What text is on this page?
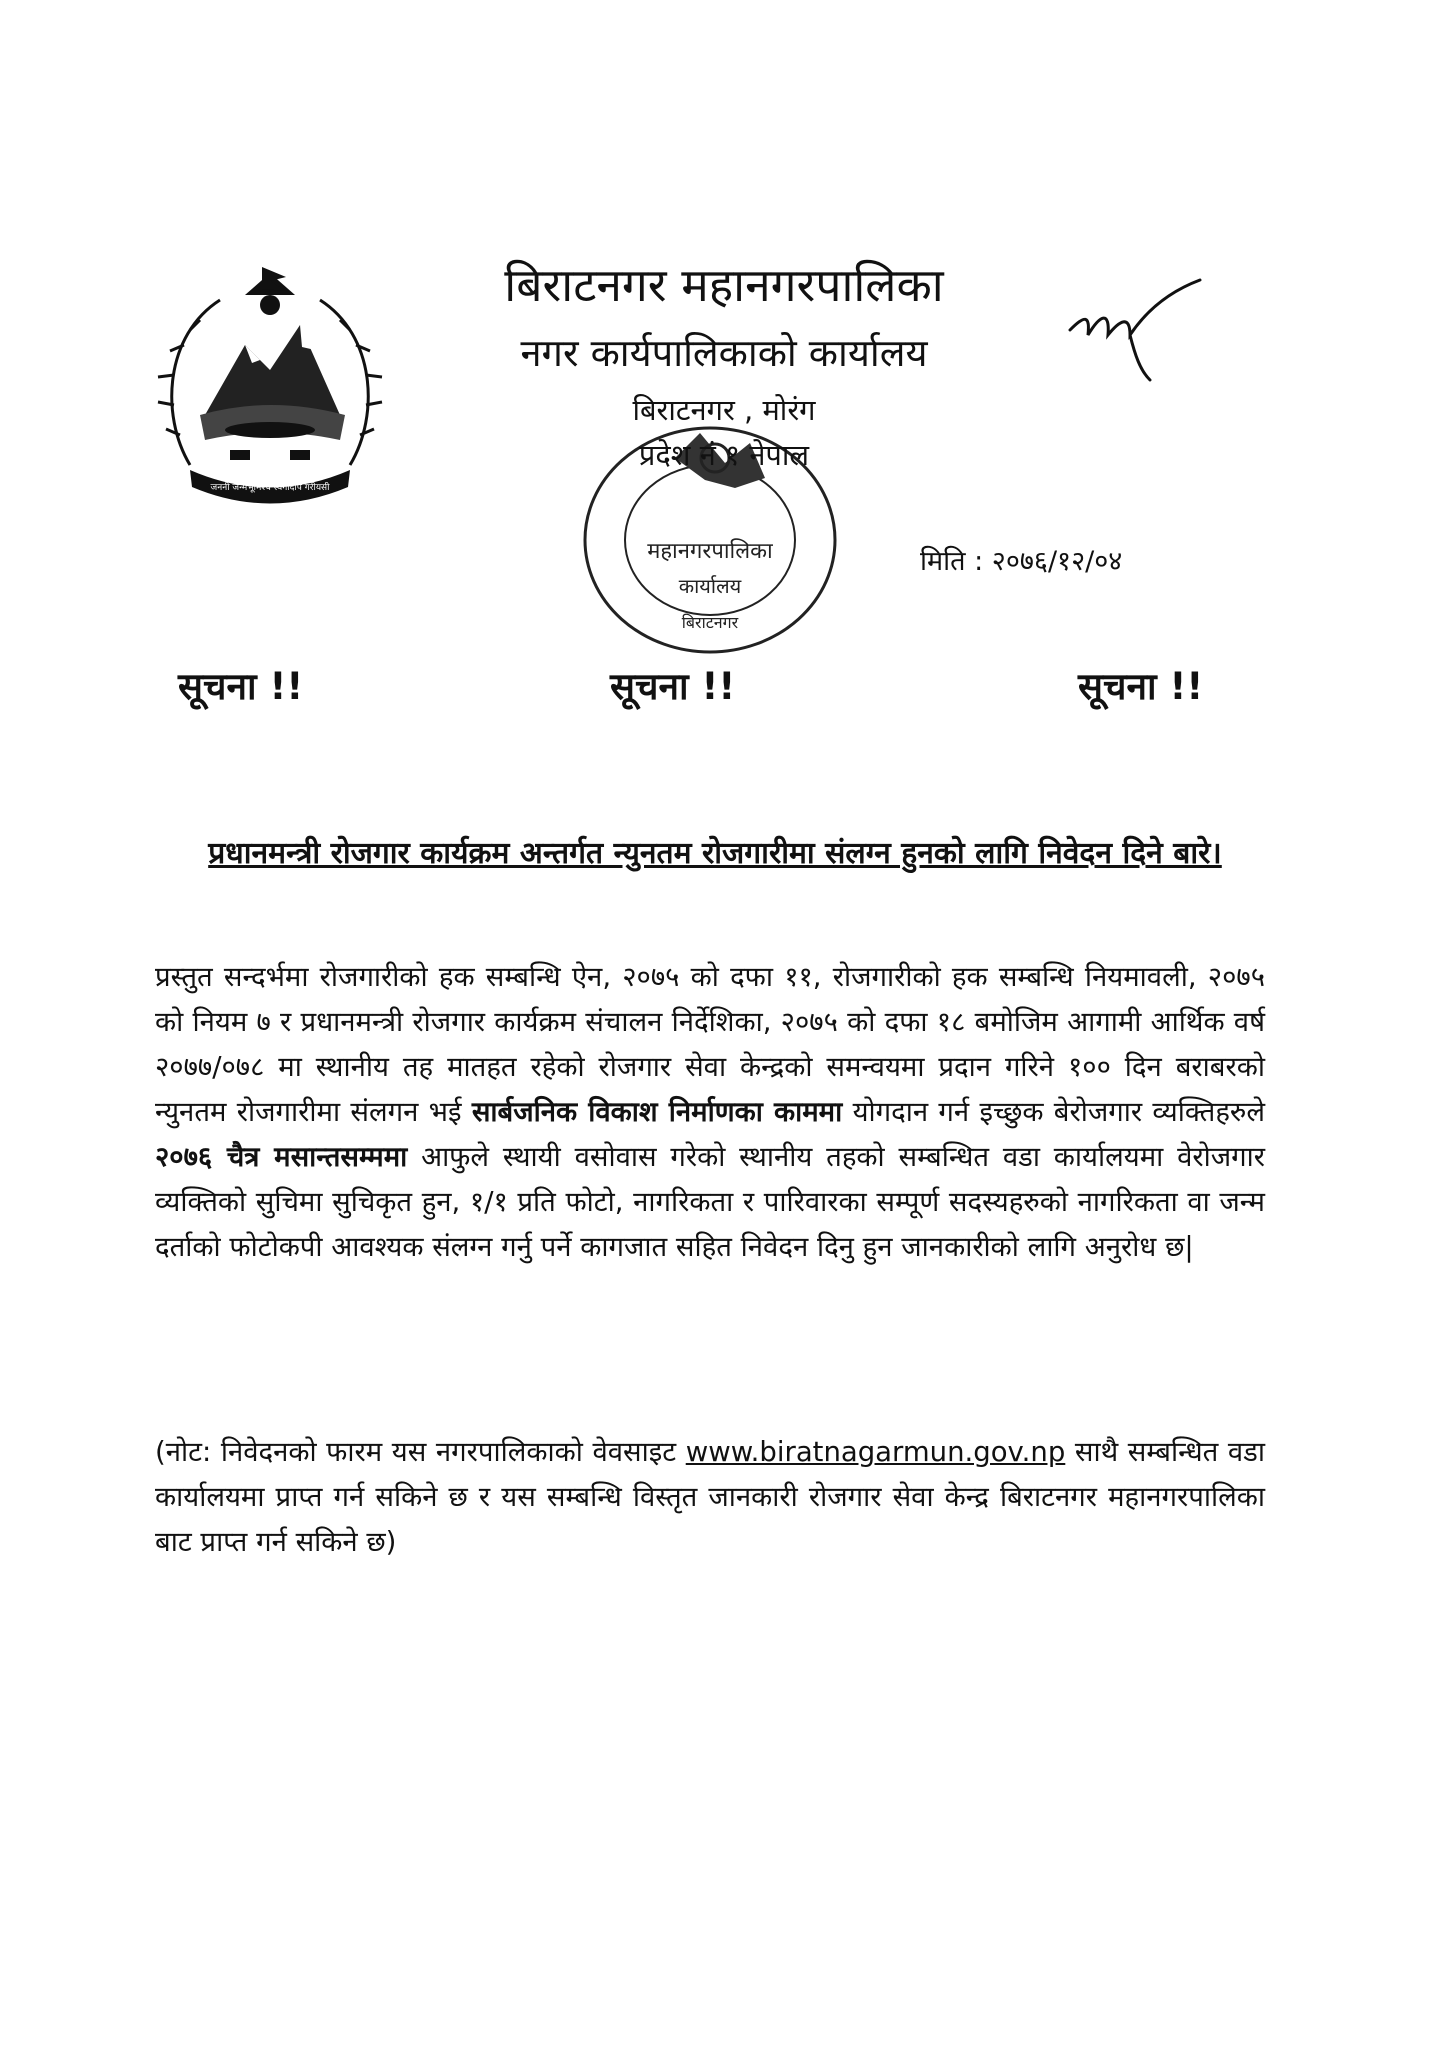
जननी जन्मभूमिश्च स्वर्गादपि गरीयसी
महानगरपालिका
कार्यालय
बिराटनगर
बिराटनगर महानगरपालिका
नगर कार्यपालिकाको कार्यालय
बिराटनगर , मोरंग
प्रदेश नं १ नेपाल
मिति : २०७६/१२/०४
सूचना !!	सूचना !!	सूचना !!
प्रधानमन्त्री रोजगार कार्यक्रम अन्तर्गत न्युनतम रोजगारीमा संलग्न हुनको लागि निवेदन दिने बारे।
प्रस्तुत सन्दर्भमा रोजगारीको हक सम्बन्धि ऐन, २०७५ को दफा ११, रोजगारीको हक सम्बन्धि नियमावली, २०७५ को नियम ७ र प्रधानमन्त्री रोजगार कार्यक्रम संचालन निर्देशिका, २०७५ को दफा १८ बमोजिम आगामी आर्थिक वर्ष २०७७/०७८ मा स्थानीय तह मातहत रहेको रोजगार सेवा केन्द्रको समन्वयमा प्रदान गरिने १०० दिन बराबरको न्युनतम रोजगारीमा संलगन भई सार्बजनिक विकाश निर्माणका काममा योगदान गर्न इच्छुक बेरोजगार व्यक्तिहरुले २०७६ चैत्र मसान्तसम्ममा आफुले स्थायी वसोवास गरेको स्थानीय तहको सम्बन्धित वडा कार्यालयमा वेरोजगार व्यक्तिको सुचिमा सुचिकृत हुन, १/१ प्रति फोटो, नागरिकता र पारिवारका सम्पूर्ण सदस्यहरुको नागरिकता वा जन्म दर्ताको फोटोकपी आवश्यक संलग्न गर्नु पर्ने कागजात सहित निवेदन दिनु हुन जानकारीको लागि अनुरोध छ|
(नोट: निवेदनको फारम यस नगरपालिकाको वेवसाइट www.biratnagarmun.gov.np साथै सम्बन्धित वडा कार्यालयमा प्राप्त गर्न सकिने छ र यस सम्बन्धि विस्तृत जानकारी रोजगार सेवा केन्द्र बिराटनगर महानगरपालिका बाट प्राप्त गर्न सकिने छ)
